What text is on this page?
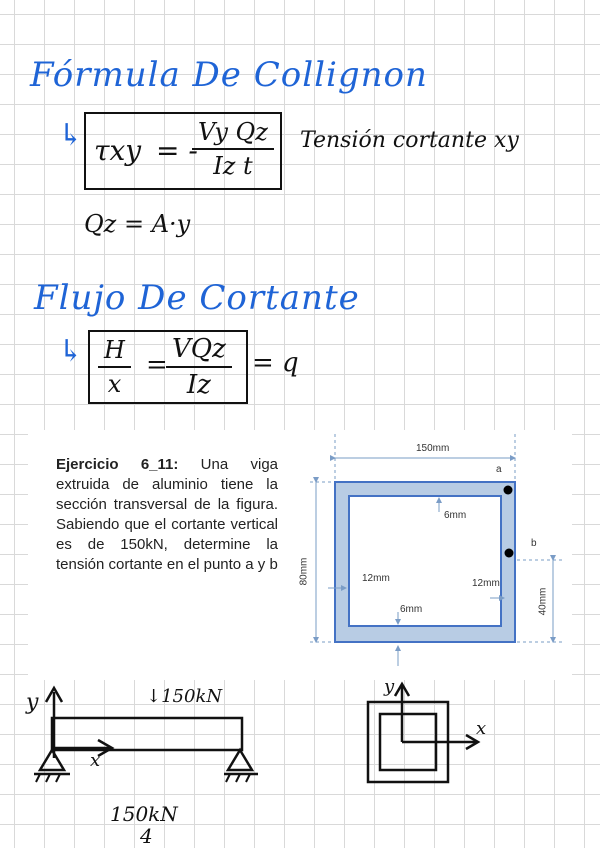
Fórmula De Collignon
↳ τxy = -
$\frac{\text{Vy Qz}}{\text{Iz t}}$ Tensión cortante xy
Qz = A·y
Flujo De Cortante
↳ $\frac{H}{x}$ =
VQz
Iz
= q
Ejercicio 6_11: Una viga extruida de aluminio tiene la sección transversal de la figura. Sabiendo que el cortante vertical es de 150kN, determine la tensión cortante en el punto a y b
150mm
80mm
6mm
12mm	12mm
6mm	40mm
a
b
↓150kN
y
x
150kN
4
y
x
